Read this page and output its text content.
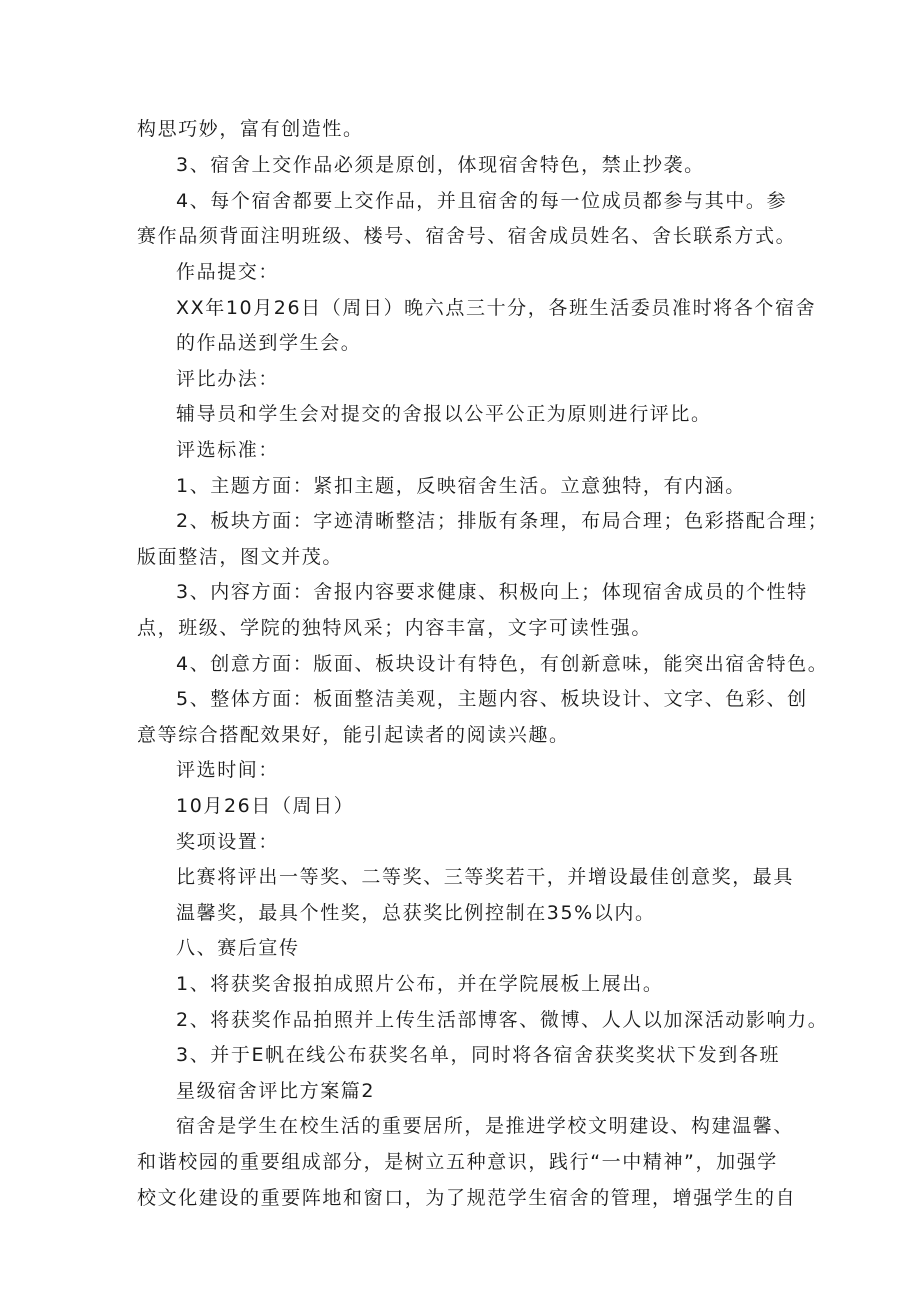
构思巧妙，富有创造性。
3、宿舍上交作品必须是原创，体现宿舍特色，禁止抄袭。
4、每个宿舍都要上交作品，并且宿舍的每一位成员都参与其中。参
赛作品须背面注明班级、楼号、宿舍号、宿舍成员姓名、舍长联系方式。
作品提交：
XX年10月26日（周日）晚六点三十分，各班生活委员准时将各个宿舍
的作品送到学生会。
评比办法：
辅导员和学生会对提交的舍报以公平公正为原则进行评比。
评选标准：
1、主题方面：紧扣主题，反映宿舍生活。立意独特，有内涵。
2、板块方面：字迹清晰整洁；排版有条理，布局合理；色彩搭配合理；
版面整洁，图文并茂。
3、内容方面：舍报内容要求健康、积极向上；体现宿舍成员的个性特
点，班级、学院的独特风采；内容丰富，文字可读性强。
4、创意方面：版面、板块设计有特色，有创新意味，能突出宿舍特色。
5、整体方面：板面整洁美观，主题内容、板块设计、文字、色彩、创
意等综合搭配效果好，能引起读者的阅读兴趣。
评选时间：
10月26日（周日）
奖项设置：
比赛将评出一等奖、二等奖、三等奖若干，并增设最佳创意奖，最具
温馨奖，最具个性奖，总获奖比例控制在35%以内。
八、赛后宣传
1、将获奖舍报拍成照片公布，并在学院展板上展出。
2、将获奖作品拍照并上传生活部博客、微博、人人以加深活动影响力。
3、并于E帆在线公布获奖名单，同时将各宿舍获奖奖状下发到各班
星级宿舍评比方案篇2
宿舍是学生在校生活的重要居所，是推进学校文明建设、构建温馨、
和谐校园的重要组成部分，是树立五种意识，践行“一中精神”，加强学
校文化建设的重要阵地和窗口，为了规范学生宿舍的管理，增强学生的自
